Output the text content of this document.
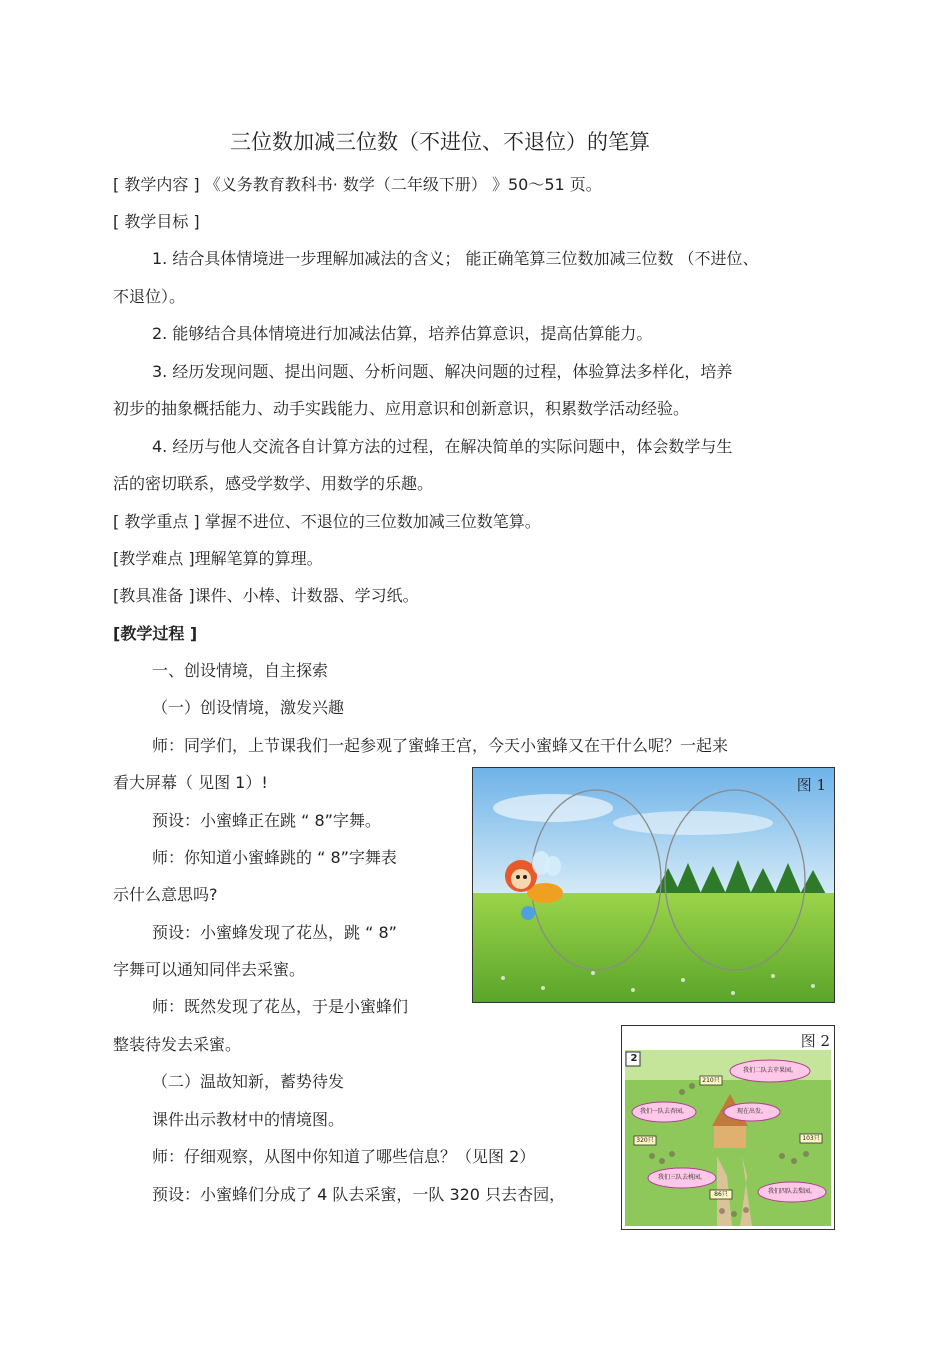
三位数加减三位数（不进位、不退位）的笔算
[ 教学内容 ] 《义务教育教科书· 数学（二年级下册） 》50～51 页。
[ 教学目标 ]
1. 结合具体情境进一步理解加减法的含义； 能正确笔算三位数加减三位数 （不进位、
不退位）。
2. 能够结合具体情境进行加减法估算，培养估算意识，提高估算能力。
3. 经历发现问题、提出问题、分析问题、解决问题的过程，体验算法多样化，培养
初步的抽象概括能力、动手实践能力、应用意识和创新意识，积累数学活动经验。
4. 经历与他人交流各自计算方法的过程，在解决简单的实际问题中，体会数学与生
活的密切联系，感受学数学、用数学的乐趣。
[ 教学重点 ] 掌握不进位、不退位的三位数加减三位数笔算。
[教学难点 ]理解笔算的算理。
[教具准备 ]课件、小棒、计数器、学习纸。
[教学过程 ]
一、创设情境，自主探索
（一）创设情境，激发兴趣
师：同学们，上节课我们一起参观了蜜蜂王宫，今天小蜜蜂又在干什么呢？一起来
看大屏幕（ 见图 1）!
预设：小蜜蜂正在跳 “ 8”字舞。
师：你知道小蜜蜂跳的 “ 8”字舞表
示什么意思吗?
预设：小蜜蜂发现了花丛，跳 “ 8”
字舞可以通知同伴去采蜜。
师：既然发现了花丛，于是小蜜蜂们
整装待发去采蜜。
（二）温故知新，蓄势待发
课件出示教材中的情境图。
师：仔细观察，从图中你知道了哪些信息？（见图 2）
预设：小蜜蜂们分成了 4 队去采蜜，一队 320 只去杏园，
图 1
2
我们二队去苹果园。
我们一队去杏园。	现在出发。
我们三队去桃园。
我们四队去梨园。
210只
320只	103只
86只
图 2
